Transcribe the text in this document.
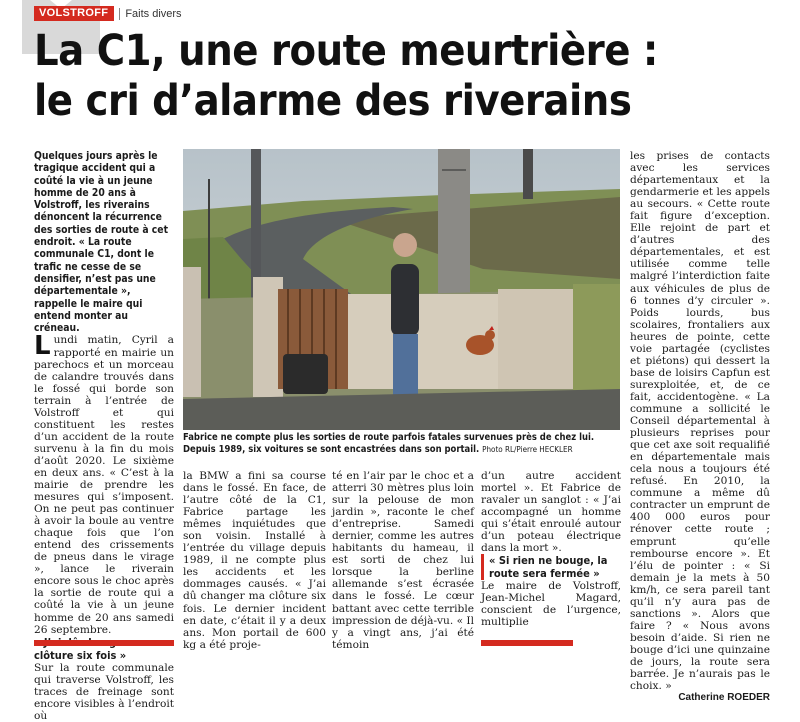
VOLSTROFF	Faits divers
La C1, une route meurtrière :
le cri d’alarme des riverains

Quelques jours après le tragique accident qui a coûté la vie à un jeune homme de 20 ans à Volstroff, les riverains dénoncent la récurrence des sorties de route à cet endroit. « La route communale C1, dont le trafic ne cesse de se densifier, n’est pas une départementale », rappelle le maire qui entend monter au créneau.

Lundi matin, Cyril a rapporté en mairie un parechocs et un morceau de calandre trouvés dans le fossé qui borde son terrain à l’entrée de Volstroff et qui constituent les restes d’un accident de la route survenu à la fin du mois d’août 2020. Le sixième en deux ans. « C’est à la mairie de prendre les mesures qui s’imposent. On ne peut pas continuer à avoir la boule au ventre chaque fois que l’on entend des crissements de pneus dans le virage », lance le riverain encore sous le choc après la sortie de route qui a coûté la vie à un jeune homme de 20 ans samedi 26 septembre.

clôture six fois »

Sur la route communale qui traverse Volstroff, les traces de freinage sont encore visibles à l’endroit où

Fabrice ne compte plus les sorties de route parfois fatales survenues près de chez lui. Depuis 1989, six voitures se sont encastrées dans son portail. Photo RL/Pierre HECKLER

la BMW a fini sa course dans le fossé. En face, de l’autre côté de la C1, Fabrice partage les mêmes inquiétudes que son voisin. Installé à l’entrée du village depuis 1989, il ne compte plus les accidents et les dommages causés. « J’ai dû changer ma clôture six fois. Le dernier incident en date, c’était il y a deux ans. Mon portail de 600 kg a été proje-

té en l’air par le choc et a atterri 30 mètres plus loin sur la pelouse de mon jardin », raconte le chef d’entreprise. Samedi dernier, comme les autres habitants du hameau, il est sorti de chez lui lorsque la berline allemande s’est écrasée dans le fossé. Le cœur battant avec cette terrible impression de déjà-vu. « Il y a vingt ans, j’ai été témoin

d’un autre accident mortel ». Et Fabrice de ravaler un sanglot : « J’ai accompagné un homme qui s’était enroulé autour d’un poteau électrique dans la mort ».

« Si rien ne bouge, la route sera fermée »

Le maire de Volstroff, Jean-Michel Magard, conscient de l’urgence, multiplie

les prises de contacts avec les services départementaux et la gendarmerie et les appels au secours. « Cette route fait figure d’exception. Elle rejoint de part et d’autres des départementales, et est utilisée comme telle malgré l’interdiction faite aux véhicules de plus de 6 tonnes d’y circuler ». Poids lourds, bus scolaires, frontaliers aux heures de pointe, cette voie partagée (cyclistes et piétons) qui dessert la base de loisirs Capfun est surexploitée, et, de ce fait, accidentogène. « La commune a sollicité le Conseil départemental à plusieurs reprises pour que cet axe soit requalifié en départementale mais cela nous a toujours été refusé. En 2010, la commune a même dû contracter un emprunt de 400 000 euros pour rénover cette route ; emprunt qu’elle rembourse encore ». Et l’élu de pointer : « Si demain je la mets à 50 km/h, ce sera pareil tant qu’il n’y aura pas de sanctions ». Alors que faire ? « Nous avons besoin d’aide. Si rien ne bouge d’ici une quinzaine de jours, la route sera barrée. Je n’aurais pas le choix. »

Catherine ROEDER
